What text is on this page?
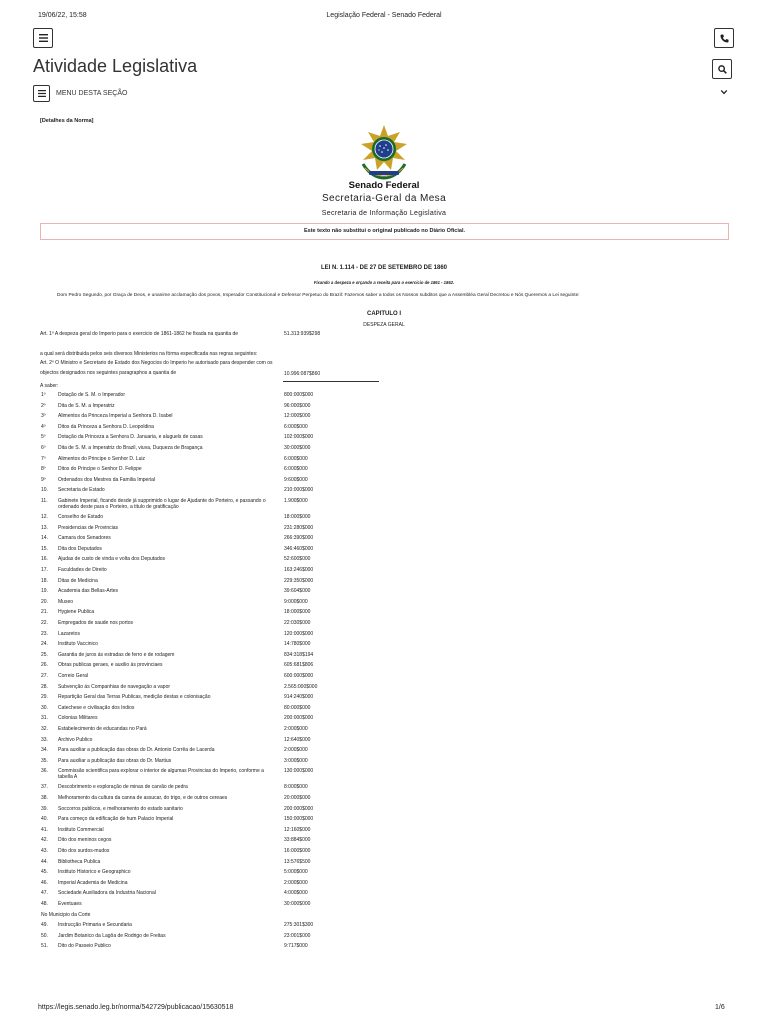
19/06/22, 15:58	Legislação Federal - Senado Federal
Atividade Legislativa
MENU DESTA SEÇÃO
[Detalhes da Norma]
Senado Federal
Secretaria-Geral da Mesa
Secretaria de Informação Legislativa
Este texto não substitui o original publicado no Diário Oficial.
LEI N. 1.114 - DE 27 DE SETEMBRO DE 1860
Fixando a despeza e orçando a receita para o exercicio de 1861 - 1862.
Dom Pedro Segundo, por Graça de Deos, e unanime acclamação dos povos, Imperador Constitucional e Defensor Perpetuo do Brazil: Fazemos saber a todos os Nossos subditos que a Assembléa Geral Decretou e Nós Queremos a Lei seguinte:
CAPITULO I
DESPEZA GERAL
Art. 1º A despeza geral do Imperio para o exercicio de 1861-1862 he fixada na quantia de	51.313:939$298
a qual será distribuida pelos seis diversos Ministerios na fórma especificada nas regras seguintes:
Art. 2º O Ministro e Secretario de Estado dos Negocios do Imperio he autorisado para despender com os
objectos designados nos seguintes paragraphos a quantia de	10.996:087$860
A saber:
1º Dotação de S. M. o Imperador	800:000$000
2º Dita de S. M. a Imperatriz	96:000$000
3º Alimentos da Princeza Imperial a Senhora D. Isabel	12:000$000
4º Ditos da Princeza a Senhora D. Leopoldina	6:000$000
5º Dotação da Princeza a Senhora D. Januaria, e aluguels de casas	102:000$000
6º Dita de S. M. a Imperatriz do Brazil, viuva, Duqueza de Bragança	30:000$000
7º Alimentos do Principe o Senhor D. Luiz	6:000$000
8º Ditos do Principe o Senhor D. Felippe	6:000$000
9º Ordenados dos Mestres da Familia Imperial	9:600$000
10. Secretaria de Estado	210:000$000
11. Gabinete Imperial, ficando desde já supprimido o lugar de Ajudante do Porteiro, e passando o ordenado deste para o Porteiro, a titulo de gratificação
1.900$000
12. Conselho de Estado	18:000$000
13. Presidencias de Provincias	231:280$000
14. Camara dos Senadores	266:390$000
15. Dita dos Deputados	346:460$000
16. Ajudas de custo de vinda e volta dos Deputados	52:600$000
17. Faculdades de Direito	163:246$000
18. Ditas de Medicina	229:350$000
19. Academia das Bellas-Artes	39:604$000
20. Museo	9:000$000
21. Hygiene Publica	18:000$000
22. Empregados de saude nos portos	22:030$000
23. Lazaretos	120:000$000
24. Instituto Vaccinico	14:780$000
25. Garantia de juros ás estradas de ferro e de rodagem	834:318$194
26. Obras publicas geraes, e auxilio ás provinciaes	605:681$806
27. Correio Geral	600:000$000
28. Subvenção ás Companhias de navegação a vapor	2.565:000$000
29. Repartição Geral das Terras Publicas, medição destas e colonisação	914:240$000
30. Catechese e civilisação dos Indios	80:000$000
31. Colonias Militares	200:000$000
32. Estabelecimento de educandas no Pará	2:000$000
33. Archivo Publico	12:640$000
34. Para auxiliar a publicação das obras do Dr. Antonio Corrêa de Lacerda	2:000$000
35. Para auxiliar a publicação das obras do Dr. Martius	3:000$000
36. Commissão scientifica para explorar o interior de algumas Provincias do Imperio, conforme a tabella A
130:000$000
37. Descobrimento e exploração de minas de carvão de pedra	8:000$000
38. Melhoramento da cultura da canna de assucar, do trigo, e de outros cereaes	20:000$000
39. Soccorros publicos, e melhoramento do estado sanitario	200:000$000
40. Para começo da edificação de hum Palacio Imperial	150:000$000
41. Instituto Commercial	12:160$000
42. Dito dos meninos cegos	33:884$000
43. Dito dos surdos-mudos	16:000$000
44. Bibliotheca Publica	13:576$500
45. Instituto Historico e Geographico	5:000$000
46. Imperial Academia de Medicina	2:000$000
47. Sociedade Auxiliadora da Industria Nacional	4:000$000
48. Eventuaes	30:000$000
No Municipio da Corte
49. Instrucção Primaria e Secundaria	275:301$300
50. Jardim Botanico da Lagôa de Rodrigo de Freitas	23:001$000
51. Dito do Passeio Publico	9:717$000
https://legis.senado.leg.br/norma/542729/publicacao/15630518	1/6
